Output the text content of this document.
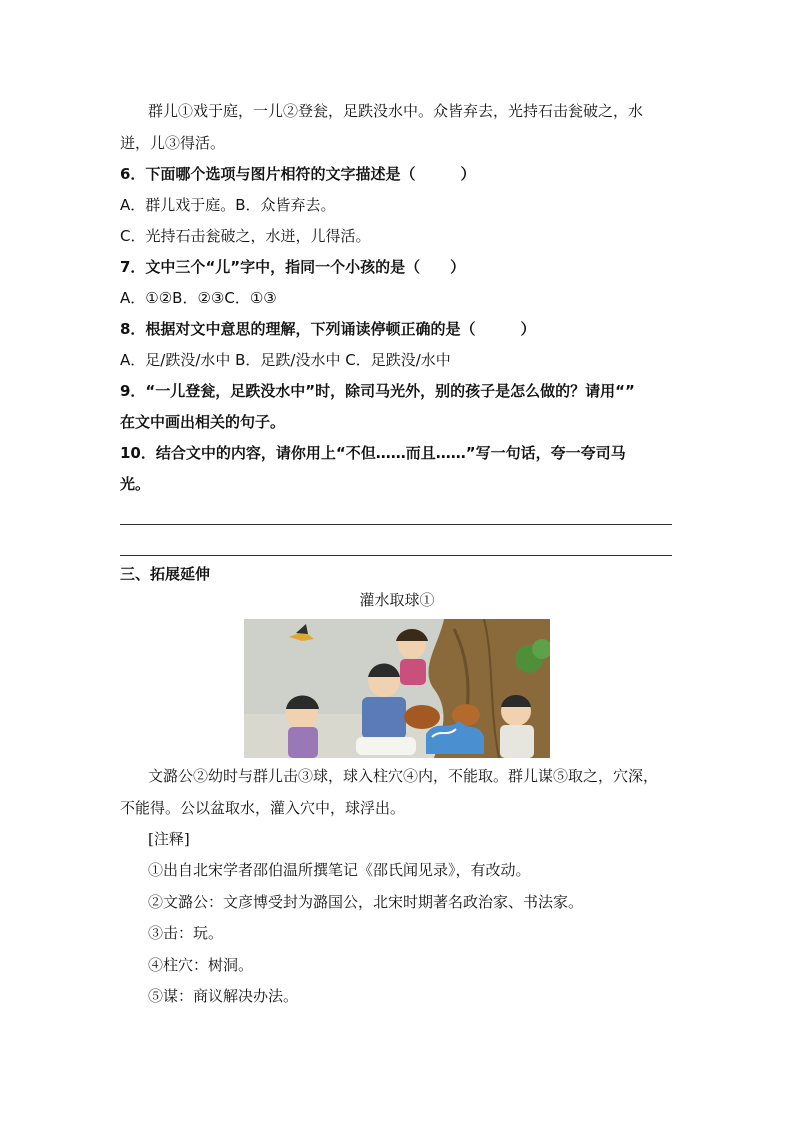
群儿①戏于庭，一儿②登瓮，足跌没水中。众皆弃去，光持石击瓮破之，水
迸，儿③得活。
6．下面哪个选项与图片相符的文字描述是（　　　）
A．群儿戏于庭。B．众皆弃去。
C．光持石击瓮破之，水迸，儿得活。
7．文中三个“儿”字中，指同一个小孩的是（　　）
A．①②B．②③C．①③
8．根据对文中意思的理解，下列诵读停顿正确的是（　　　）
A．足/跌没/水中 B．足跌/没水中 C．足跌没/水中
9．“一儿登瓮，足跌没水中”时，除司马光外，别的孩子是怎么做的？请用“”
在文中画出相关的句子。
10．结合文中的内容，请你用上“不但……而且……”写一句话，夸一夸司马
光。
三、拓展延伸
灌水取球①
文潞公②幼时与群儿击③球，球入柱穴④内，不能取。群儿谋⑤取之，穴深，
不能得。公以盆取水，灌入穴中，球浮出。
[注释]
①出自北宋学者邵伯温所撰笔记《邵氏闻见录》，有改动。
②文潞公：文彦博受封为潞国公，北宋时期著名政治家、书法家。
③击：玩。
④柱穴：树洞。
⑤谋：商议解决办法。
